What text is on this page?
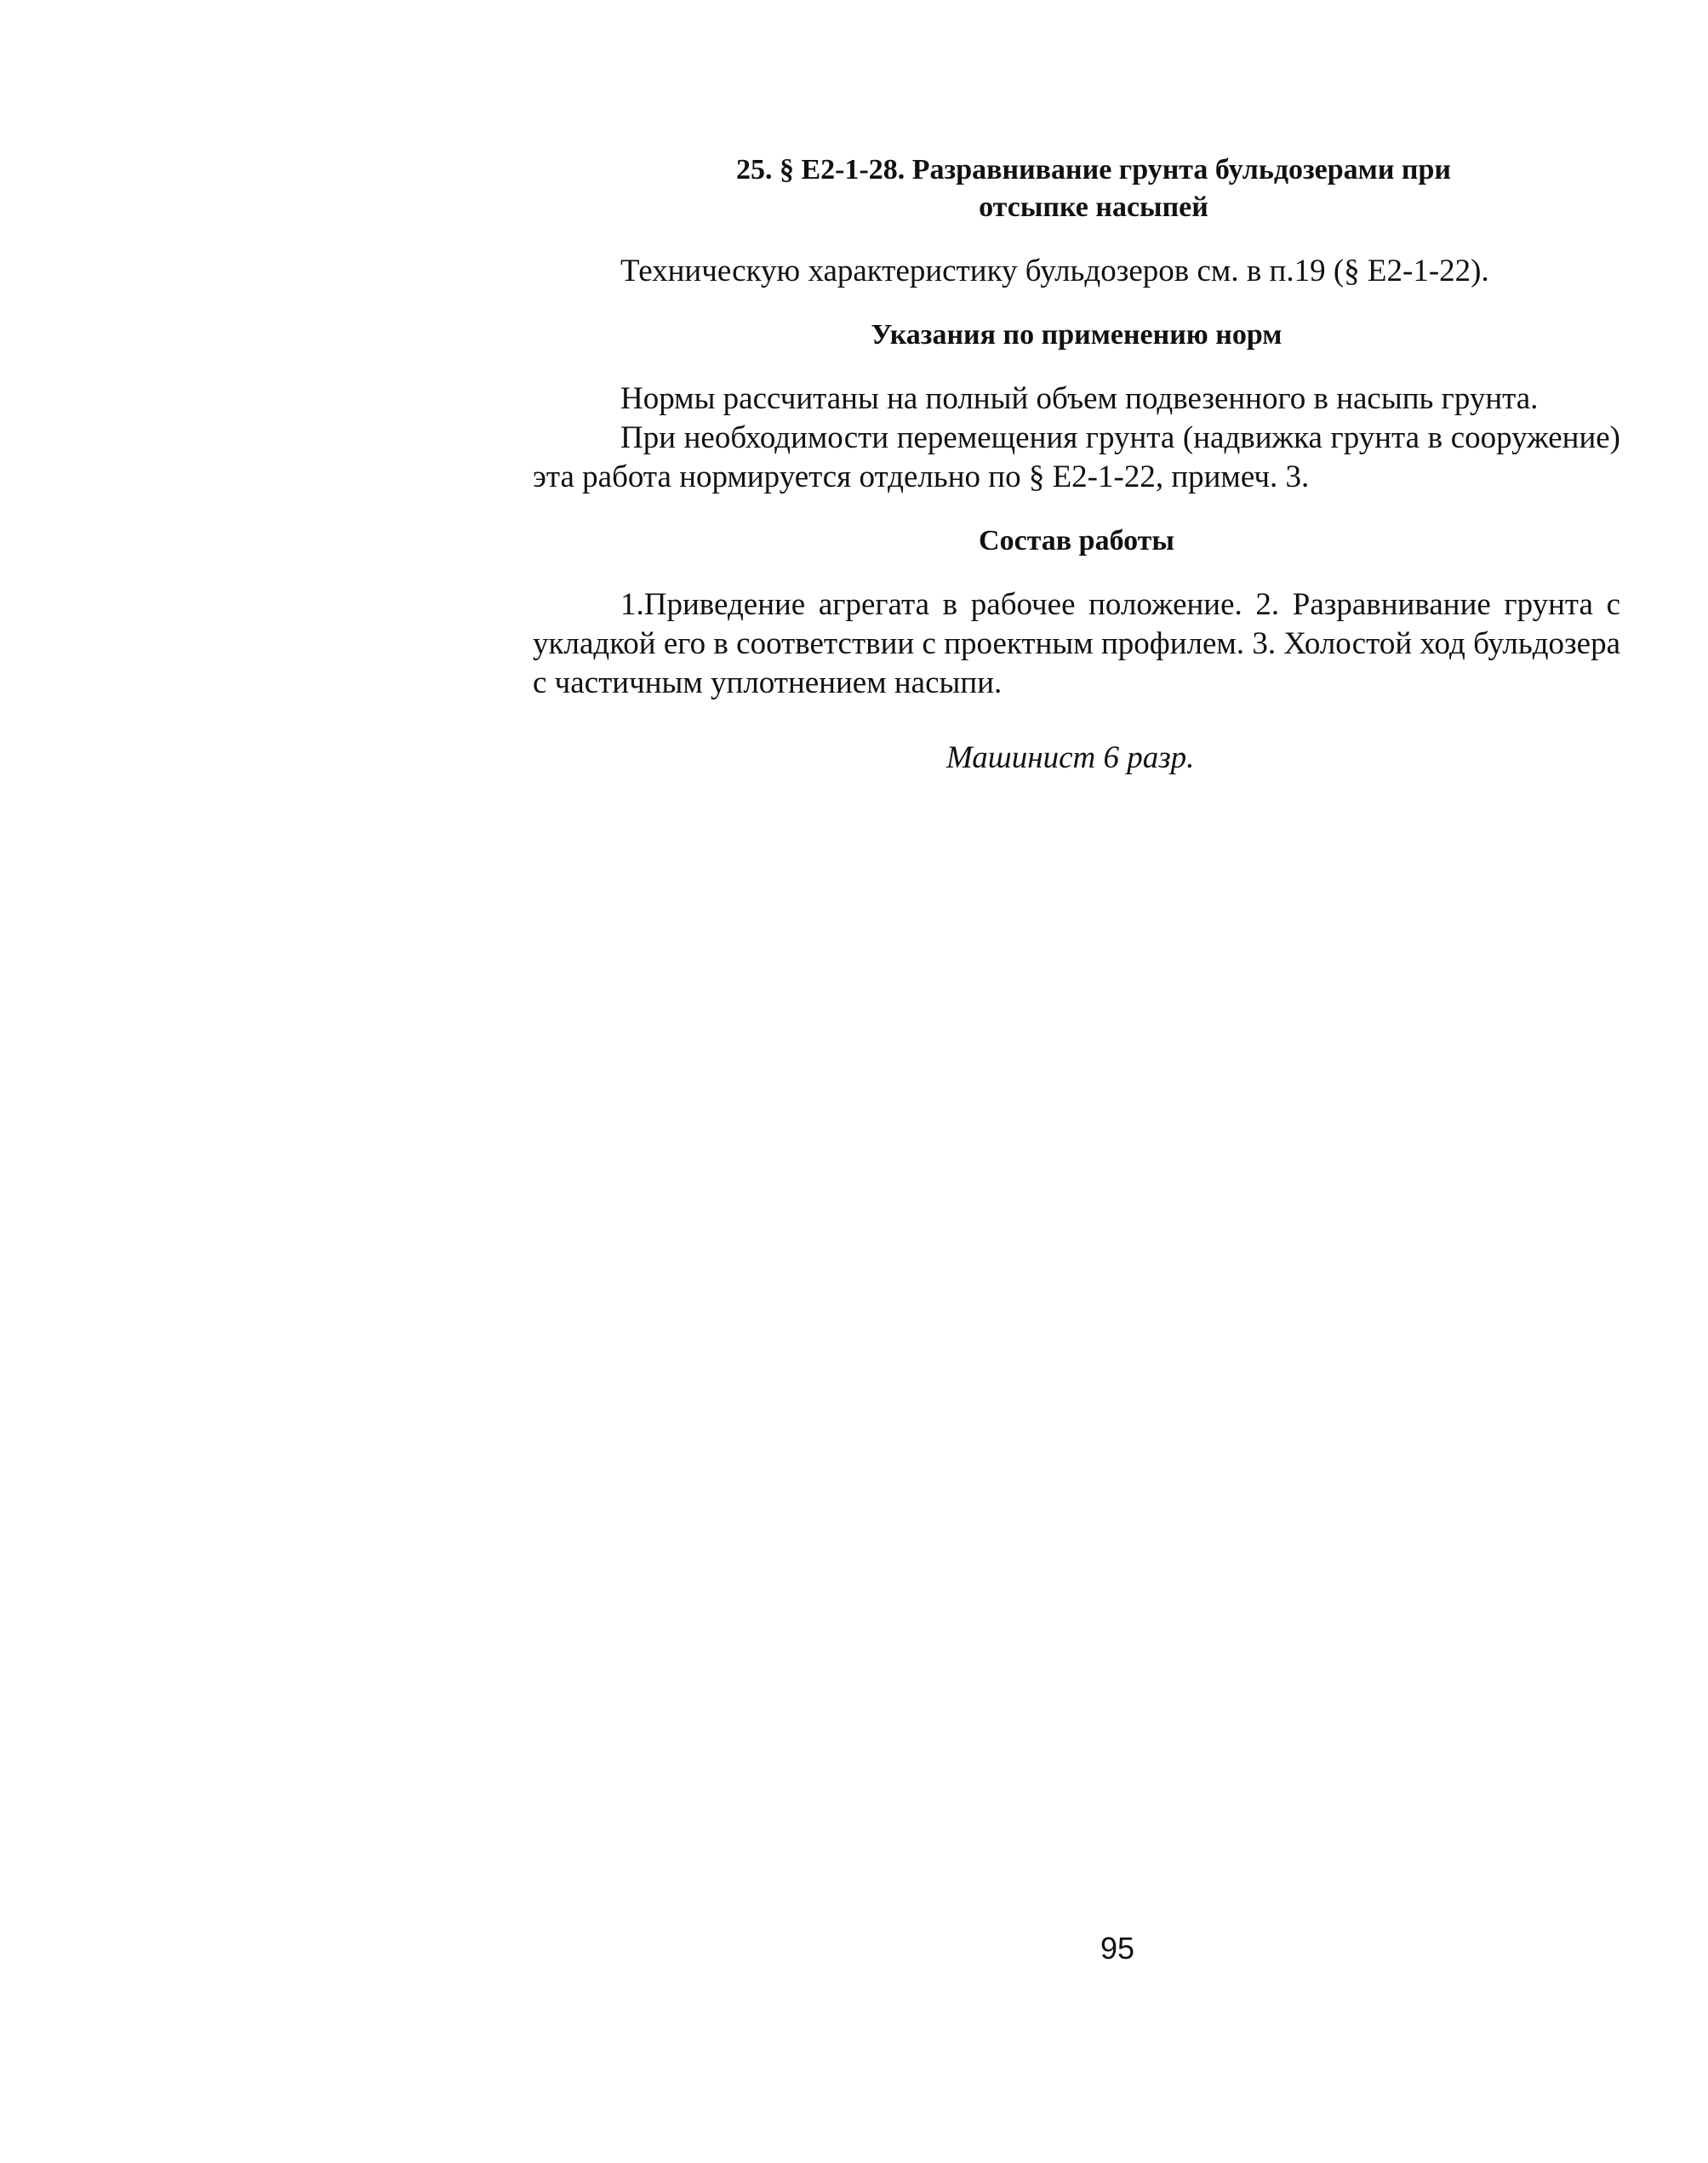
25. § Е2-1-28. Разравнивание грунта бульдозерами при
отсыпке насыпей

Техническую характеристику бульдозеров см. в п.19 (§ Е2-1-22).

Указания по применению норм

Нормы рассчитаны на полный объем подвезенного в насыпь грунта.

При необходимости перемещения грунта (надвижка грунта в сооружение) эта работа нормируется отдельно по § Е2-1-22, примеч. 3.

Состав работы

1.Приведение агрегата в рабочее положение. 2. Разравнивание грунта с укладкой его в соответствии с проектным профилем. 3. Холостой ход бульдозера с частичным уплотнением насыпи.

Машинист 6 разр.

95
